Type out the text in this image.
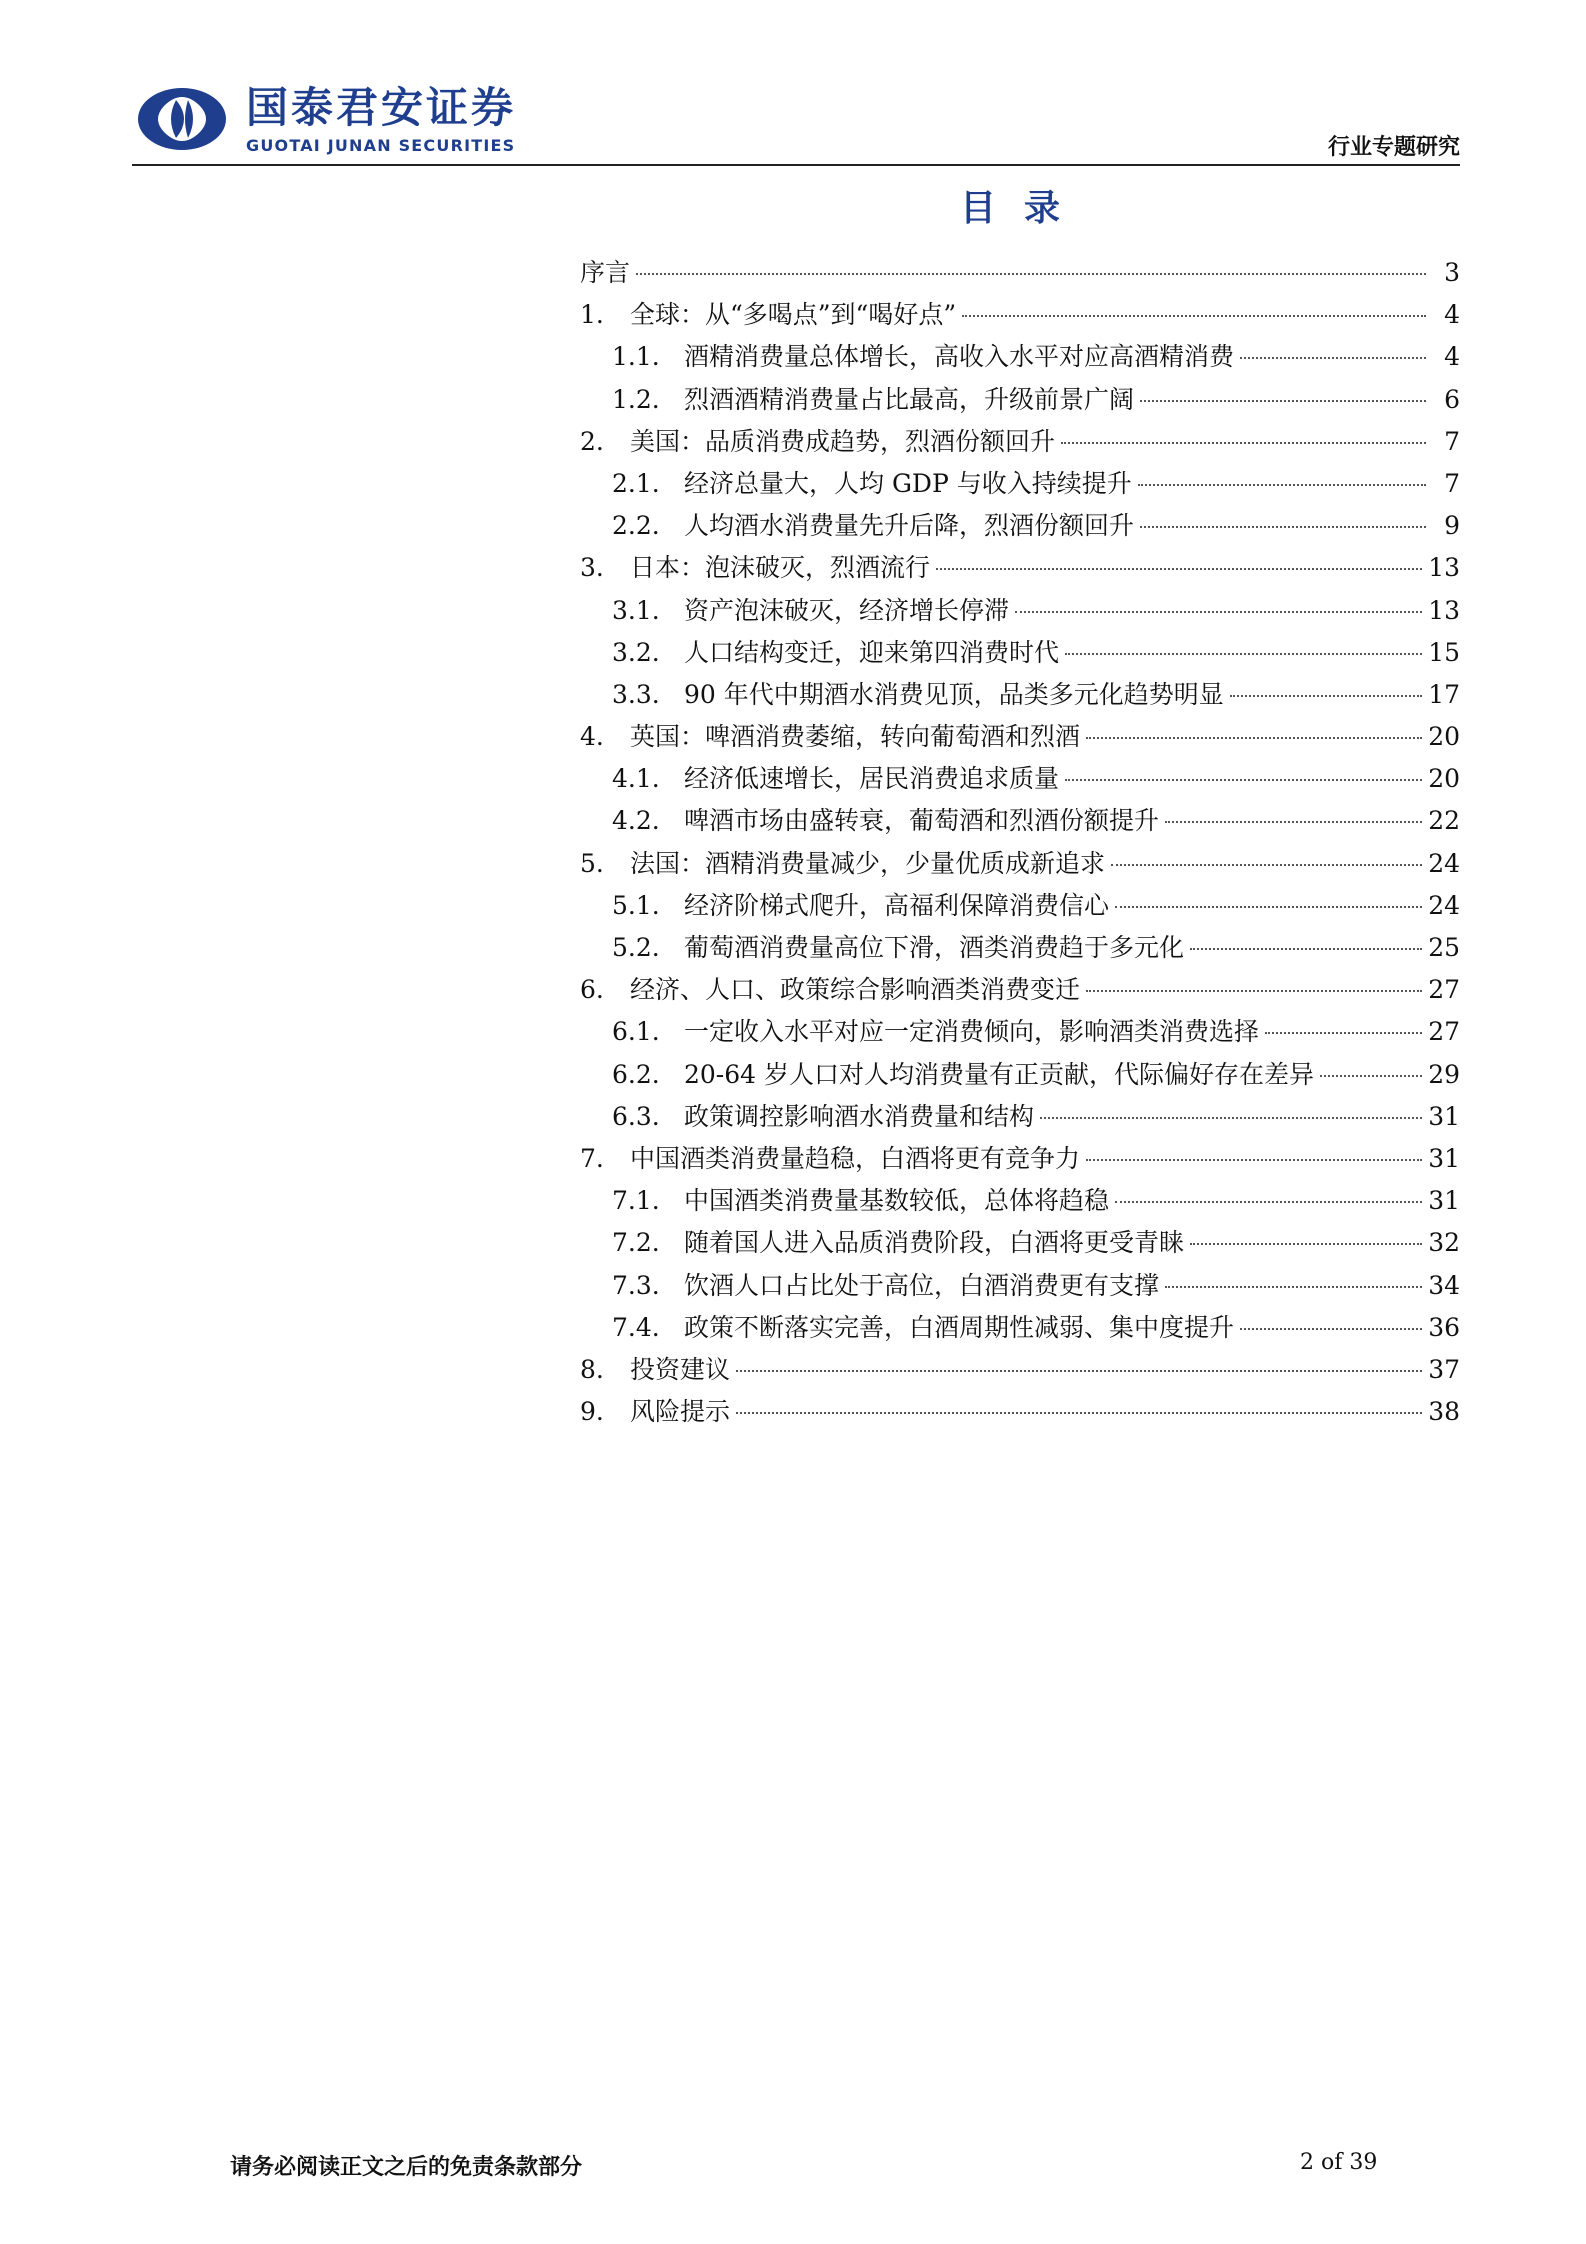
国泰君安证券
GUOTAI JUNAN SECURITIES	行业专题研究
目录
序言	3
1.	全球：从“多喝点”到“喝好点”	4
1.1. 酒精消费量总体增长，高收入水平对应高酒精消费	4
1.2. 烈酒酒精消费量占比最高，升级前景广阔	6
2.	美国：品质消费成趋势，烈酒份额回升	7
2.1. 经济总量大，人均 GDP 与收入持续提升	7
2.2. 人均酒水消费量先升后降，烈酒份额回升	9
3.	日本：泡沫破灭，烈酒流行	13
3.1. 资产泡沫破灭，经济增长停滞	13
3.2. 人口结构变迁，迎来第四消费时代	15
3.3. 90 年代中期酒水消费见顶，品类多元化趋势明显	17
4.	英国：啤酒消费萎缩，转向葡萄酒和烈酒	20
4.1. 经济低速增长，居民消费追求质量	20
4.2. 啤酒市场由盛转衰，葡萄酒和烈酒份额提升	22
5.	法国：酒精消费量减少，少量优质成新追求	24
5.1. 经济阶梯式爬升，高福利保障消费信心	24
5.2. 葡萄酒消费量高位下滑，酒类消费趋于多元化	25
6.	经济、人口、政策综合影响酒类消费变迁	27
6.1. 一定收入水平对应一定消费倾向，影响酒类消费选择	27
6.2. 20-64 岁人口对人均消费量有正贡献，代际偏好存在差异	29
6.3. 政策调控影响酒水消费量和结构	31
7.	中国酒类消费量趋稳，白酒将更有竞争力	31
7.1. 中国酒类消费量基数较低，总体将趋稳	31
7.2. 随着国人进入品质消费阶段，白酒将更受青睐	32
7.3. 饮酒人口占比处于高位，白酒消费更有支撑	34
7.4. 政策不断落实完善，白酒周期性减弱、集中度提升	36
8.	投资建议	37
9.	风险提示	38
请务必阅读正文之后的免责条款部分	2 of 39
